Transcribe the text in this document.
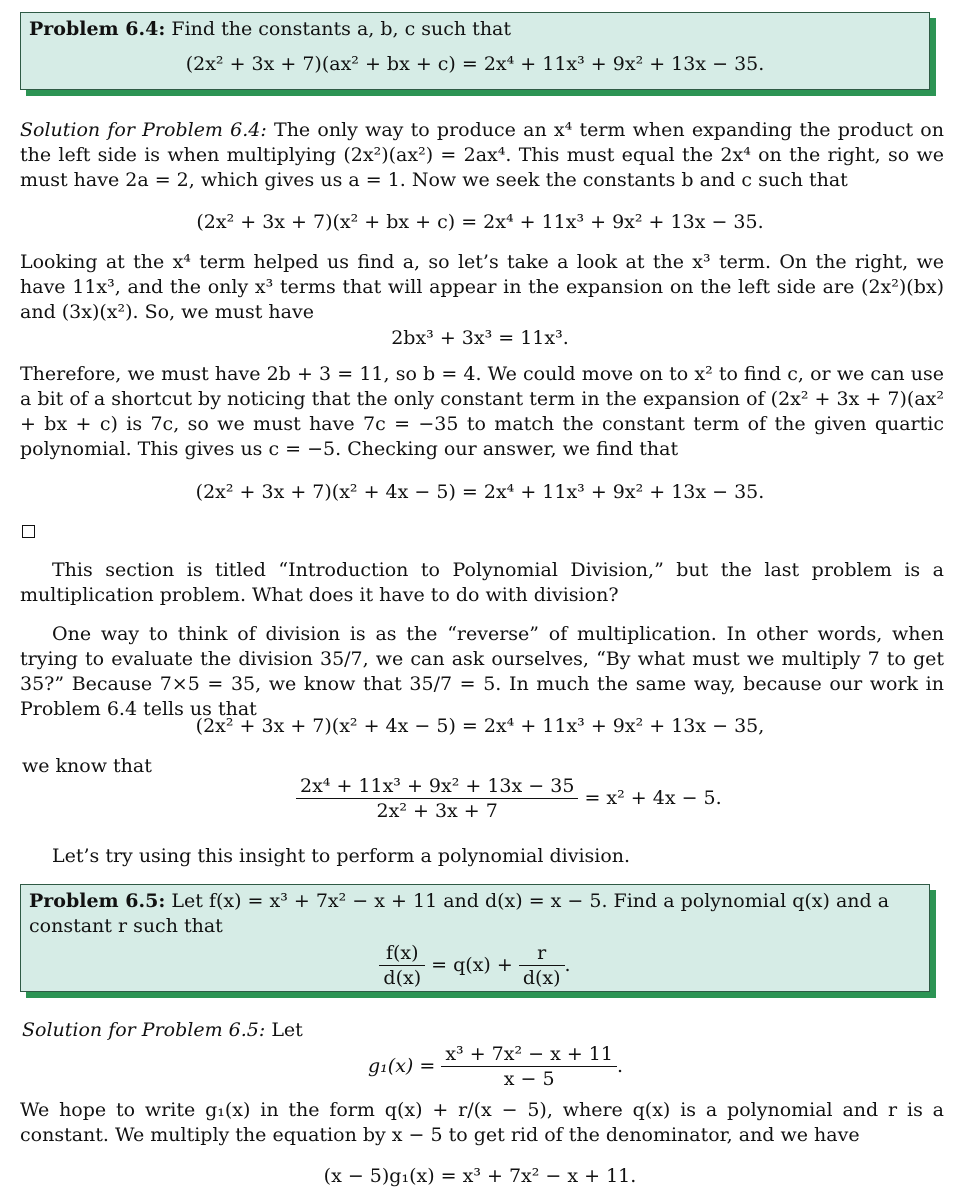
Problem 6.4: Find the constants a, b, c such that
(2x² + 3x + 7)(ax² + bx + c) = 2x⁴ + 11x³ + 9x² + 13x − 35.
Solution for Problem 6.4: The only way to produce an x⁴ term when expanding the product on the left side is when multiplying (2x²)(ax²) = 2ax⁴. This must equal the 2x⁴ on the right, so we must have 2a = 2, which gives us a = 1. Now we seek the constants b and c such that
(2x² + 3x + 7)(x² + bx + c) = 2x⁴ + 11x³ + 9x² + 13x − 35.
Looking at the x⁴ term helped us find a, so let’s take a look at the x³ term. On the right, we have 11x³, and the only x³ terms that will appear in the expansion on the left side are (2x²)(bx) and (3x)(x²). So, we must have
2bx³ + 3x³ = 11x³.
Therefore, we must have 2b + 3 = 11, so b = 4. We could move on to x² to find c, or we can use a bit of a shortcut by noticing that the only constant term in the expansion of (2x² + 3x + 7)(ax² + bx + c) is 7c, so we must have 7c = −35 to match the constant term of the given quartic polynomial. This gives us c = −5. Checking our answer, we find that
(2x² + 3x + 7)(x² + 4x − 5) = 2x⁴ + 11x³ + 9x² + 13x − 35.
This section is titled “Introduction to Polynomial Division,” but the last problem is a multiplication problem. What does it have to do with division?
One way to think of division is as the “reverse” of multiplication. In other words, when trying to evaluate the division 35/7, we can ask ourselves, “By what must we multiply 7 to get 35?” Because 7×5 = 35, we know that 35/7 = 5. In much the same way, because our work in Problem 6.4 tells us that
(2x² + 3x + 7)(x² + 4x − 5) = 2x⁴ + 11x³ + 9x² + 13x − 35,
we know that
$\frac{\text{2x⁴ + 11x³ + 9x² + 13x − 35}}{\text{2x² + 3x + 7}} = x^2 + 4x - 5$.
Let’s try using this insight to perform a polynomial division.
Problem 6.5: Let f(x) = x³ + 7x² − x + 11 and d(x) = x − 5. Find a polynomial q(x) and a constant r such that
$\frac{f(x)}{d(x)} = q(x) + \frac{r}{d(x)}$ .
Solution for Problem 6.5: Let
$g_1(x) = \frac{\text{x³ + 7x² − x + 11}}{x - 5}$ .
We hope to write g₁(x) in the form q(x) + r/(x − 5), where q(x) is a polynomial and r is a constant. We multiply the equation by x − 5 to get rid of the denominator, and we have
(x − 5)g₁(x) = x³ + 7x² − x + 11.
